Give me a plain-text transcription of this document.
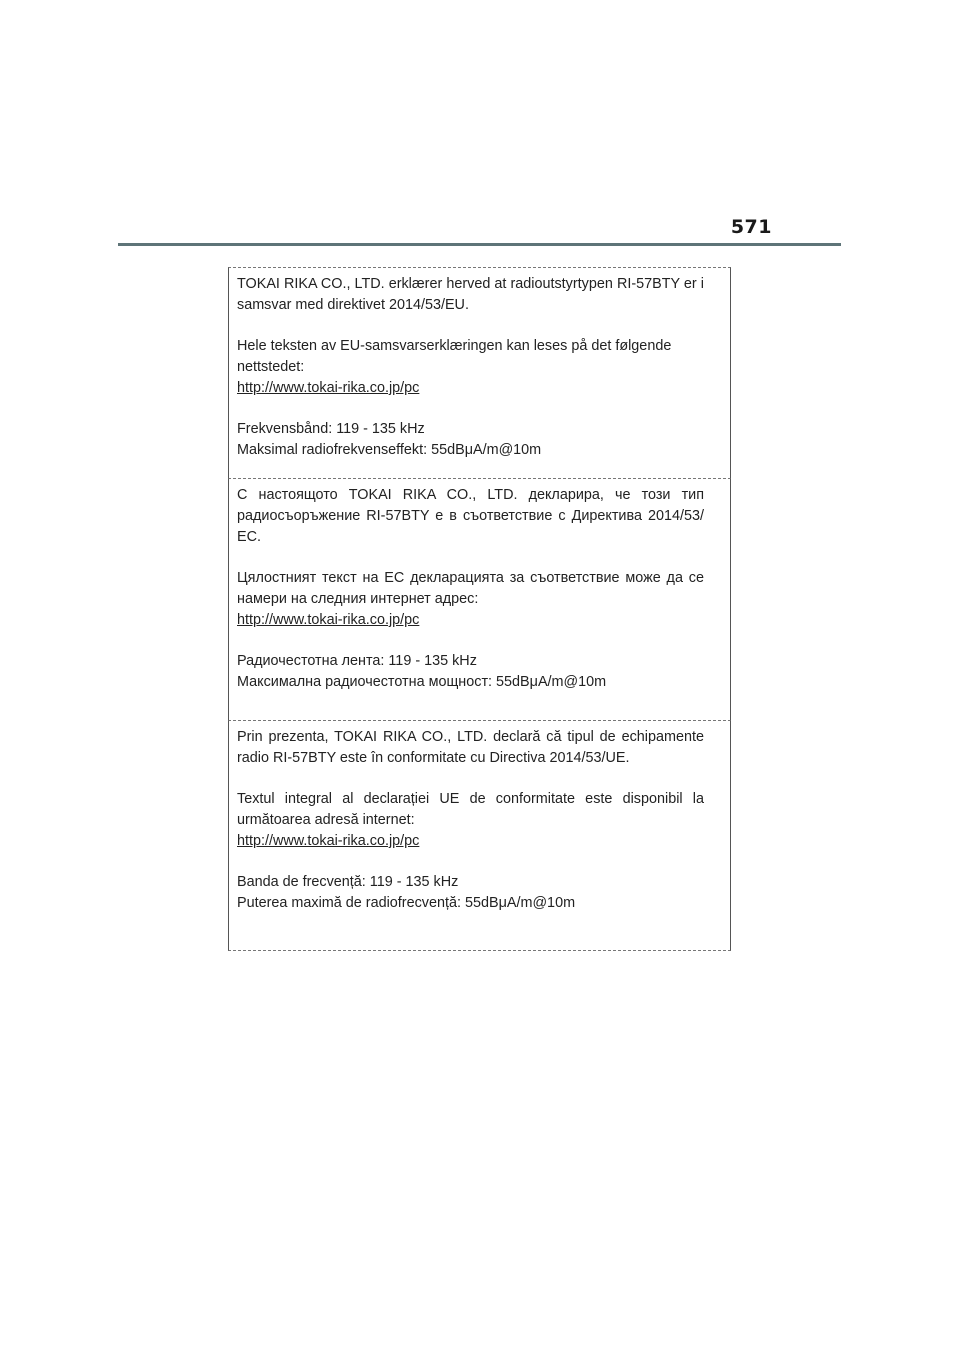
571

TOKAI RIKA CO., LTD. erklærer herved at radioutstyrtypen RI-57BTY er i samsvar med direktivet 2014/53/EU.

Hele teksten av EU-samsvarserklæringen kan leses på det følgende nettstedet:

http://www.tokai-rika.co.jp/pc

Frekvensbånd: 119 - 135 kHz

Maksimal radiofrekvenseffekt: 55dBμA/m@10m

С настоящото TOKAI RIKA CO., LTD. декларира, че този тип радиосъоръжение RI-57BTY е в съответствие с Директива 2014/53/ЕС.

Цялостният текст на ЕС декларацията за съответствие може да се намери на следния интернет адрес:

http://www.tokai-rika.co.jp/pc

Радиочестотна лента: 119 - 135 kHz

Максимална радиочестотна мощност: 55dBμA/m@10m

Prin prezenta, TOKAI RIKA CO., LTD. declară că tipul de echipamente radio RI-57BTY este în conformitate cu Directiva 2014/53/UE.

Textul integral al declarației UE de conformitate este disponibil la următoarea adresă internet:

http://www.tokai-rika.co.jp/pc

Banda de frecvență: 119 - 135 kHz

Puterea maximă de radiofrecvență: 55dBμA/m@10m
